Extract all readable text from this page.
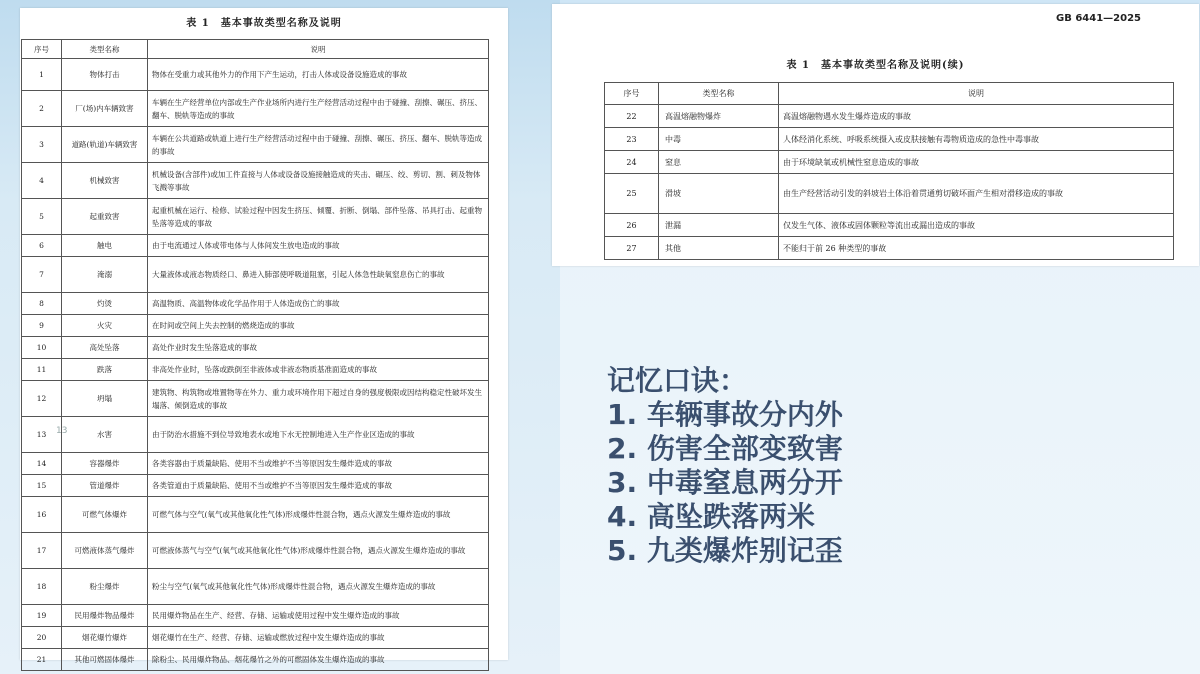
表 1　基本事故类型名称及说明
序号	类型名称	说明
1	物体打击	物体在受重力或其他外力的作用下产生运动，打击人体或设备设施造成的事故
2	厂(场)内车辆致害	车辆在生产经营单位内部或生产作业场所内进行生产经营活动过程中由于碰撞、刮擦、碾压、挤压、翻车、脱轨等造成的事故
3	道路(轨道)车辆致害	车辆在公共道路或轨道上进行生产经营活动过程中由于碰撞、刮擦、碾压、挤压、翻车、脱轨等造成的事故
4	机械致害	机械设备(含部件)或加工件直接与人体或设备设施接触造成的夹击、碾压、绞、剪切、割、刺及物体飞溅等事故
5	起重致害	起重机械在运行、检修、试验过程中因发生挤压、倾覆、折断、倒塌、部件坠落、吊具打击、起重物坠落等造成的事故
6	触电	由于电流通过人体或带电体与人体间发生放电造成的事故
7	淹溺	大量液体或液态物质经口、鼻进入肺部使呼吸道阻塞，引起人体急性缺氧窒息伤亡的事故
8	灼烫	高温物质、高温物体或化学品作用于人体造成伤亡的事故
9	火灾	在时间或空间上失去控制的燃烧造成的事故
10	高处坠落	高处作业时发生坠落造成的事故
11	跌落	非高处作业时，坠落或跌倒至非液体或非液态物质基准面造成的事故
12	坍塌	建筑物、构筑物或堆置物等在外力、重力或环境作用下超过自身的强度极限或因结构稳定性破坏发生塌落、倾倒造成的事故
13	水害	由于防治水措施不到位导致地表水或地下水无控制地进入生产作业区造成的事故
14	容器爆炸	各类容器由于质量缺陷、使用不当或维护不当等原因发生爆炸造成的事故
15	管道爆炸	各类管道由于质量缺陷、使用不当或维护不当等原因发生爆炸造成的事故
16	可燃气体爆炸	可燃气体与空气(氧气或其他氧化性气体)形成爆炸性混合物，遇点火源发生爆炸造成的事故
17	可燃液体蒸气爆炸	可燃液体蒸气与空气(氧气或其他氧化性气体)形成爆炸性混合物，遇点火源发生爆炸造成的事故
18	粉尘爆炸	粉尘与空气(氧气或其他氧化性气体)形成爆炸性混合物，遇点火源发生爆炸造成的事故
19	民用爆炸物品爆炸	民用爆炸物品在生产、经营、存储、运输或使用过程中发生爆炸造成的事故
20	烟花爆竹爆炸	烟花爆竹在生产、经营、存储、运输或燃放过程中发生爆炸造成的事故
21	其他可燃固体爆炸	除粉尘、民用爆炸物品、烟花爆竹之外的可燃固体发生爆炸造成的事故
13
GB 6441—2025
表 1　基本事故类型名称及说明(续)
序号	类型名称	说明
22	高温熔融物爆炸	高温熔融物遇水发生爆炸造成的事故
23	中毒	人体经消化系统、呼吸系统摄入或皮肤接触有毒物质造成的急性中毒事故
24	窒息	由于环境缺氧或机械性窒息造成的事故
25	滑坡	由生产经营活动引发的斜坡岩土体沿着贯通剪切破坏面产生相对滑移造成的事故
26	泄漏	仅发生气体、液体或固体颗粒等流出或漏出造成的事故
27	其他	不能归于前 26 种类型的事故
记忆口诀：
1. 车辆事故分内外
2. 伤害全部变致害
3. 中毒窒息两分开
4. 高坠跌落两米
5. 九类爆炸别记歪
